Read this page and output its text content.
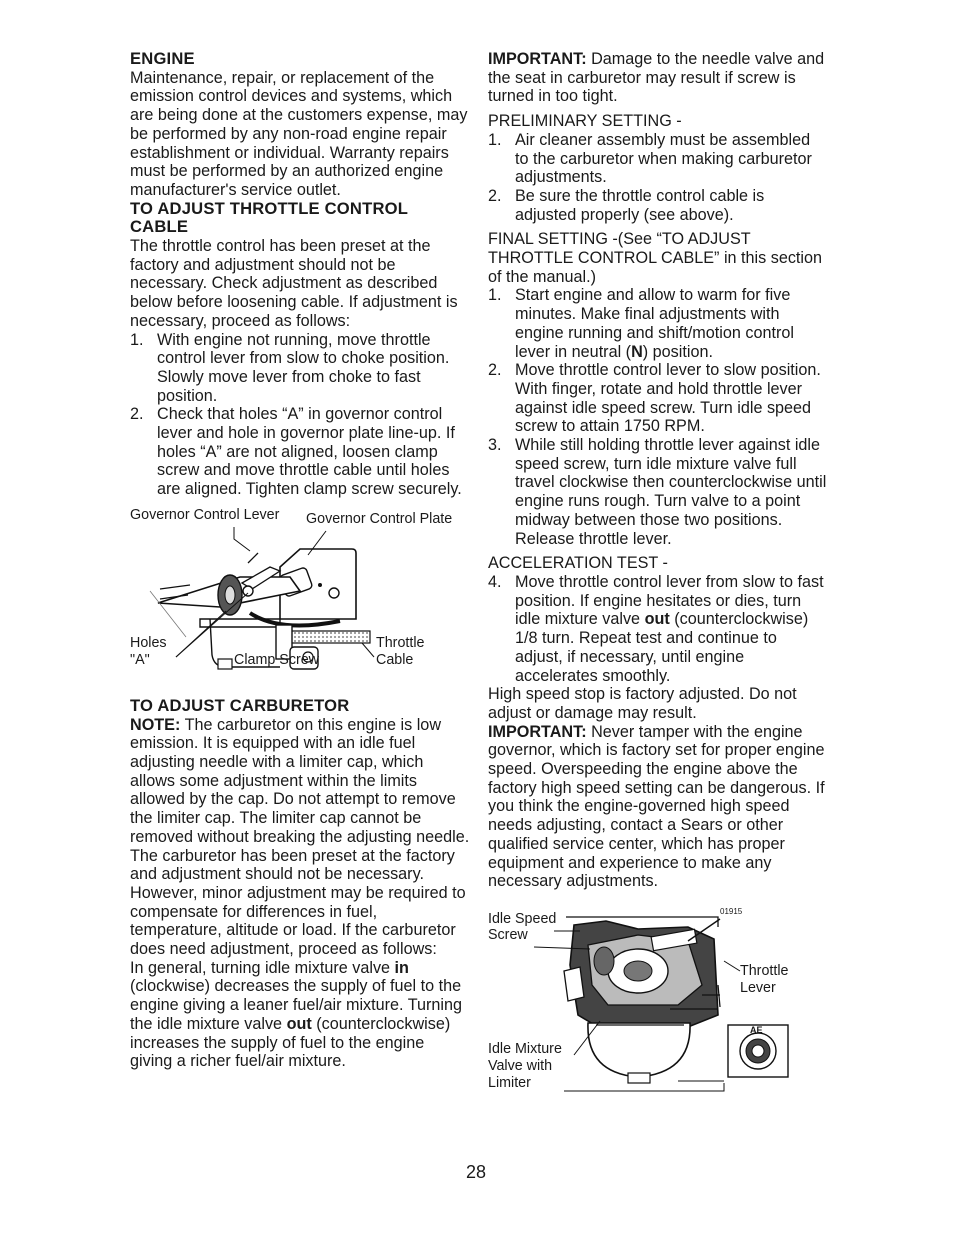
ENGINE

Maintenance, repair, or replacement of the emission control devices and systems, which are being done at the customers expense, may be performed by any non-road engine repair establishment or individual. Warranty repairs must be performed by an authorized engine manufacturer's service outlet.

TO ADJUST THROTTLE CONTROL CABLE

The throttle control has been preset at the factory and adjustment should not be necessary. Check adjustment as described below before loosening cable. If adjustment is necessary, proceed as follows:

1. With engine not running, move throttle control lever from slow to choke position. Slowly move lever from choke to fast position.
2. Check that holes “A” in governor control lever and hole in governor plate line-up. If holes “A” are not aligned, loosen clamp screw and move throttle cable until holes are aligned. Tighten clamp screw securely.
Governor Control Lever Governor Control Plate
Holes
"A"	Clamp Screw
Throttle
Cable
TO ADJUST CARBURETOR

NOTE: The carburetor on this engine is low emission. It is equipped with an idle fuel adjusting needle with a limiter cap, which allows some adjustment within the limits allowed by the cap. Do not attempt to remove the limiter cap. The limiter cap cannot be removed without breaking the adjusting needle.

The carburetor has been preset at the factory and adjustment should not be necessary. However, minor adjustment may be required to compensate for differences in fuel, temperature, altitude or load. If the carburetor does need adjustment, proceed as follows:

In general, turning idle mixture valve in (clockwise) decreases the supply of fuel to the engine giving a leaner fuel/air mixture. Turning the idle mixture valve out (counterclockwise) increases the supply of fuel to the engine giving a richer fuel/air mixture.

IMPORTANT: Damage to the needle valve and the seat in carburetor may result if screw is turned in too tight.

PRELIMINARY SETTING -

1. Air cleaner assembly must be assembled to the carburetor when making carburetor adjustments.
2. Be sure the throttle control cable is adjusted properly (see above).

FINAL SETTING -(See “TO ADJUST THROTTLE CONTROL CABLE” in this section of the manual.)

1. Start engine and allow to warm for five minutes. Make final adjustments with engine running and shift/motion control lever in neutral (N) position.
2. Move throttle control lever to slow position. With finger, rotate and hold throttle lever against idle speed screw. Turn idle speed screw to attain 1750 RPM.
3. While still holding throttle lever against idle speed screw, turn idle mixture valve full travel clockwise then counterclockwise until engine runs rough. Turn valve to a point midway between those two positions. Release throttle lever.

ACCELERATION TEST -

4. Move throttle control lever from slow to fast position. If engine hesitates or dies, turn idle mixture valve out (counterclockwise) 1/8 turn. Repeat test and continue to adjust, if necessary, until engine accelerates smoothly.

High speed stop is factory adjusted. Do not adjust or damage may result.

IMPORTANT: Never tamper with the engine governor, which is factory set for proper engine speed. Overspeeding the engine above the factory high speed setting can be dangerous. If you think the engine-governed high speed needs adjusting, contact a Sears or other qualified service center, which has proper equipment and experience to make any necessary adjustments.

Idle Speed
Screw
Throttle
Lever
Idle Mixture
Valve with
Limiter
01915
AE
28
